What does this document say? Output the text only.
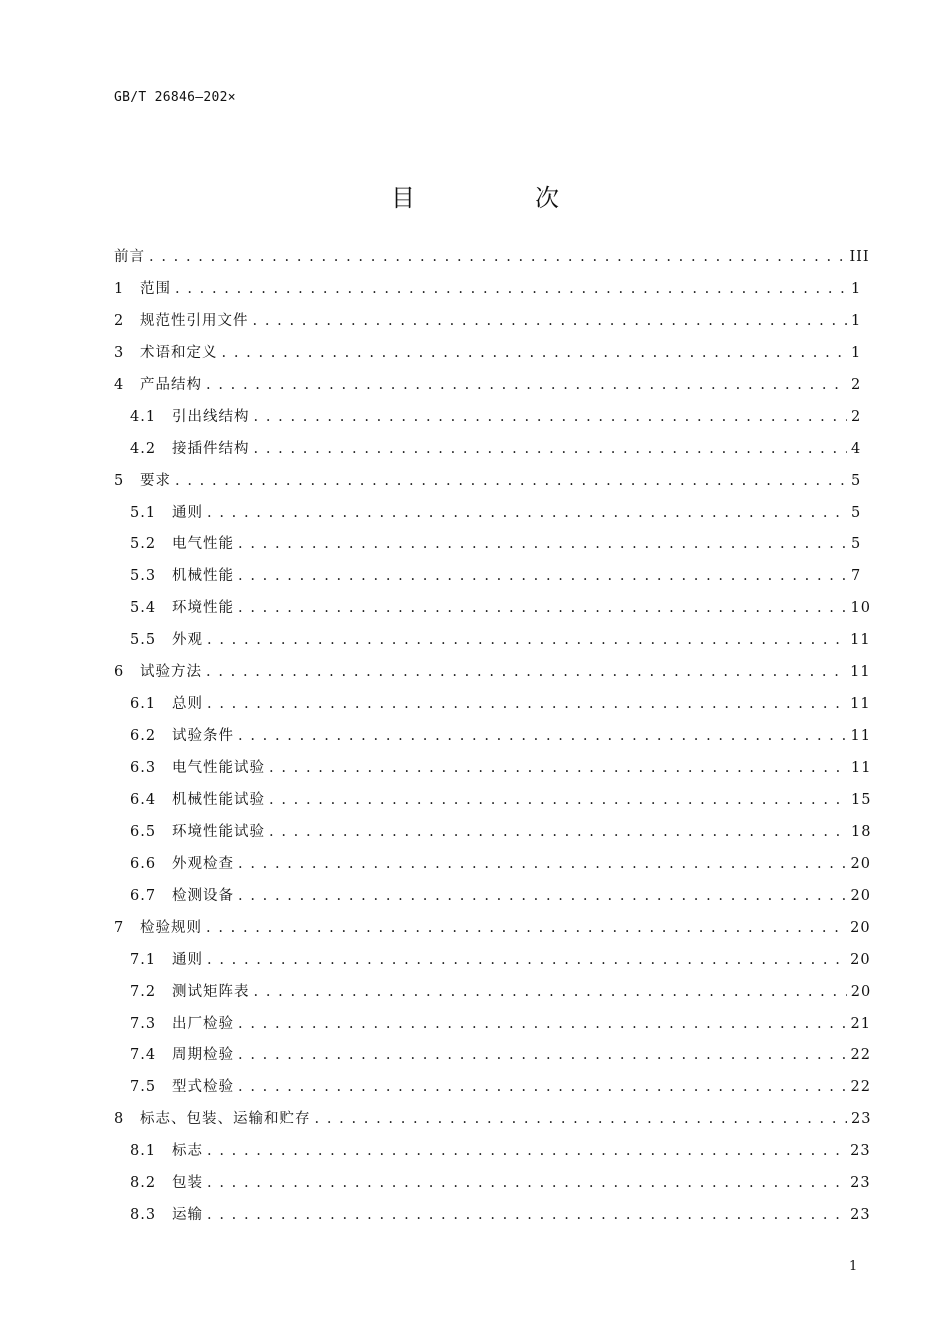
GB/T 26846—202×
目　次
前言 . . .	III
1	范围 . . .	1
2	规范性引用文件 . . .	1
3	术语和定义 . . .	1
4	产品结构 . . .	2
4.1	引出线结构 . . .	2
4.2	接插件结构 . . .	4
5	要求 . . .	5
5.1	通则 . . .	5
5.2	电气性能 . . .	5
5.3	机械性能 . . .	7
5.4	环境性能 . . .	10
5.5	外观 . . .	11
6	试验方法 . . .	11
6.1	总则 . . .	11
6.2	试验条件 . . .	11
6.3	电气性能试验 . . .	11
6.4	机械性能试验 . . .	15
6.5	环境性能试验 . . .	18
6.6	外观检查 . . .	20
6.7	检测设备 . . .	20
7	检验规则 . . .	20
7.1	通则 . . .	20
7.2	测试矩阵表 . . .	20
7.3	出厂检验 . . .	21
7.4	周期检验 . . .	22
7.5	型式检验 . . .	22
8	标志、包装、运输和贮存 . . .	23
8.1	标志 . . .	23
8.2	包装 . . .	23
8.3	运输 . . .	23
1
